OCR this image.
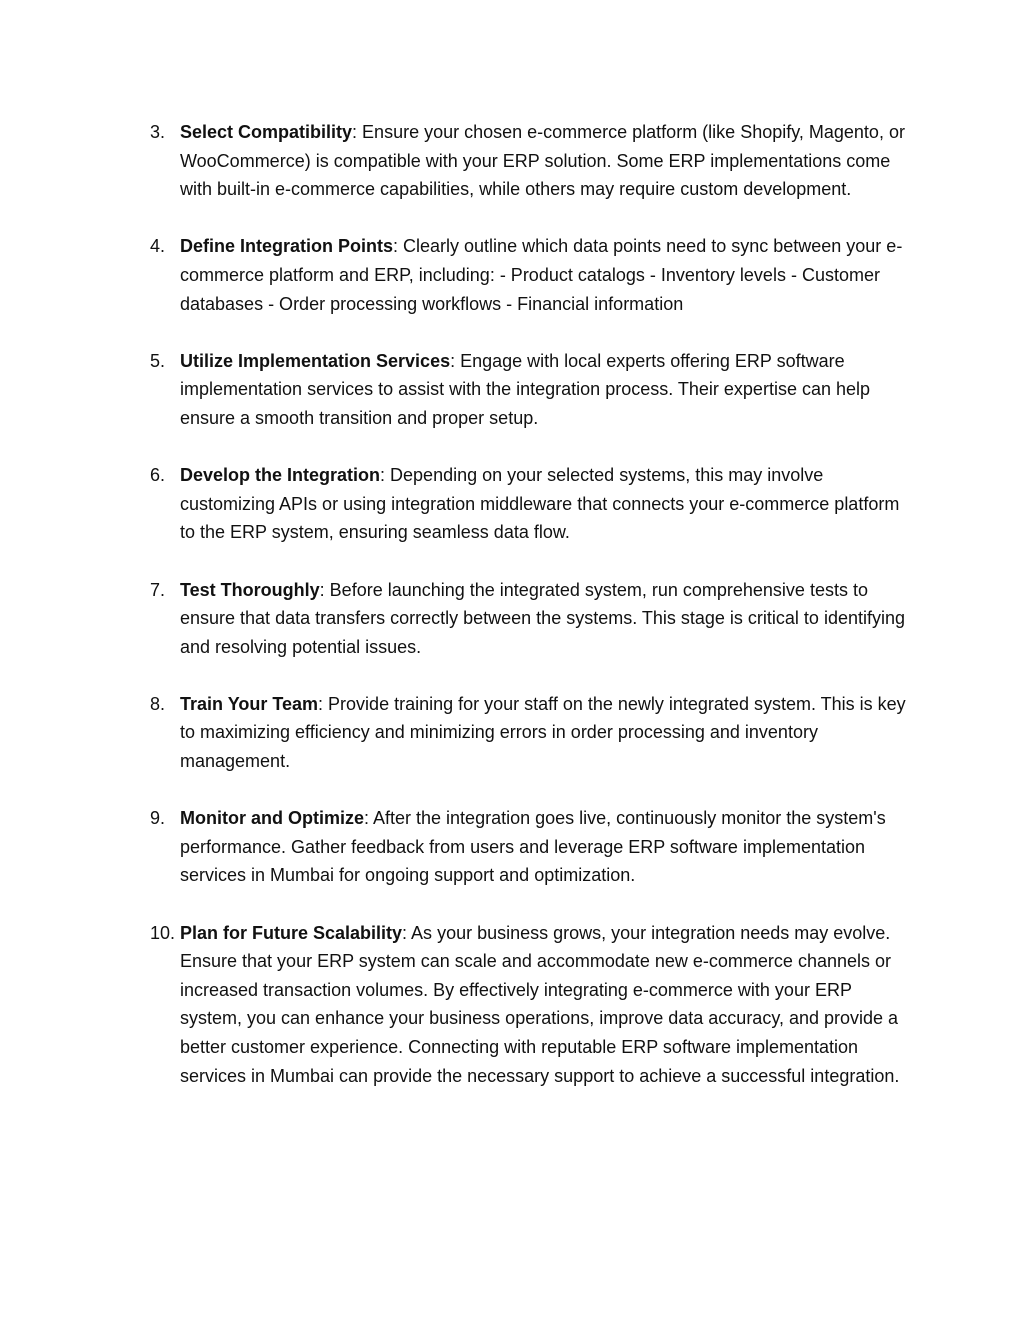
3. Select Compatibility: Ensure your chosen e-commerce platform (like Shopify, Magento, or WooCommerce) is compatible with your ERP solution. Some ERP implementations come with built-in e-commerce capabilities, while others may require custom development.
4. Define Integration Points: Clearly outline which data points need to sync between your e-commerce platform and ERP, including: - Product catalogs - Inventory levels - Customer databases - Order processing workflows - Financial information
5. Utilize Implementation Services: Engage with local experts offering ERP software implementation services to assist with the integration process. Their expertise can help ensure a smooth transition and proper setup.
6. Develop the Integration: Depending on your selected systems, this may involve customizing APIs or using integration middleware that connects your e-commerce platform to the ERP system, ensuring seamless data flow.
7. Test Thoroughly: Before launching the integrated system, run comprehensive tests to ensure that data transfers correctly between the systems. This stage is critical to identifying and resolving potential issues.
8. Train Your Team: Provide training for your staff on the newly integrated system. This is key to maximizing efficiency and minimizing errors in order processing and inventory management.
9. Monitor and Optimize: After the integration goes live, continuously monitor the system's performance. Gather feedback from users and leverage ERP software implementation services in Mumbai for ongoing support and optimization.
10. Plan for Future Scalability: As your business grows, your integration needs may evolve. Ensure that your ERP system can scale and accommodate new e-commerce channels or increased transaction volumes. By effectively integrating e-commerce with your ERP system, you can enhance your business operations, improve data accuracy, and provide a better customer experience. Connecting with reputable ERP software implementation services in Mumbai can provide the necessary support to achieve a successful integration.
